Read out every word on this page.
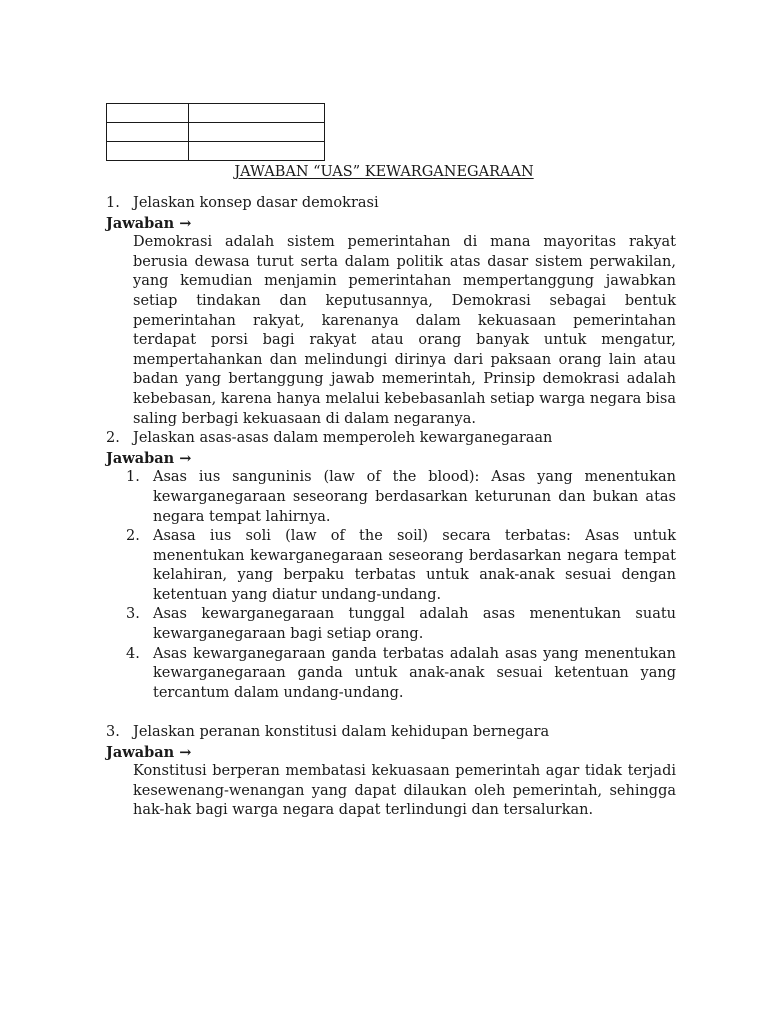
JAWABAN “UAS” KEWARGANEGARAAN
1. Jelaskan konsep dasar demokrasi
Jawaban →
Demokrasi adalah sistem pemerintahan di mana mayoritas rakyat berusia dewasa turut serta dalam politik atas dasar sistem perwakilan, yang kemudian menjamin pemerintahan mempertanggung jawabkan setiap tindakan dan keputusannya, Demokrasi sebagai bentuk pemerintahan rakyat, karenanya dalam kekuasaan pemerintahan terdapat porsi bagi rakyat atau orang banyak untuk mengatur, mempertahankan dan melindungi dirinya dari paksaan orang lain atau badan yang bertanggung jawab memerintah, Prinsip demokrasi adalah kebebasan, karena hanya melalui kebebasanlah setiap warga negara bisa saling berbagi kekuasaan di dalam negaranya.
2. Jelaskan asas-asas dalam memperoleh kewarganegaraan
Jawaban →
1. Asas ius sanguninis (law of the blood): Asas yang menentukan kewarganegaraan seseorang berdasarkan keturunan dan bukan atas negara tempat lahirnya.
2. Asasa ius soli (law of the soil) secara terbatas: Asas untuk menentukan kewarganegaraan seseorang berdasarkan negara tempat kelahiran, yang berpaku terbatas untuk anak-anak sesuai dengan ketentuan yang diatur undang-undang.
3. Asas kewarganegaraan tunggal adalah asas menentukan suatu kewarganegaraan bagi setiap orang.
4. Asas kewarganegaraan ganda terbatas adalah asas yang menentukan kewarganegaraan ganda untuk anak-anak sesuai ketentuan yang tercantum dalam undang-undang.
3. Jelaskan peranan konstitusi dalam kehidupan bernegara
Jawaban →
Konstitusi berperan membatasi kekuasaan pemerintah agar tidak terjadi kesewenang-wenangan yang dapat dilaukan oleh pemerintah, sehingga hak-hak bagi warga negara dapat terlindungi dan tersalurkan.
